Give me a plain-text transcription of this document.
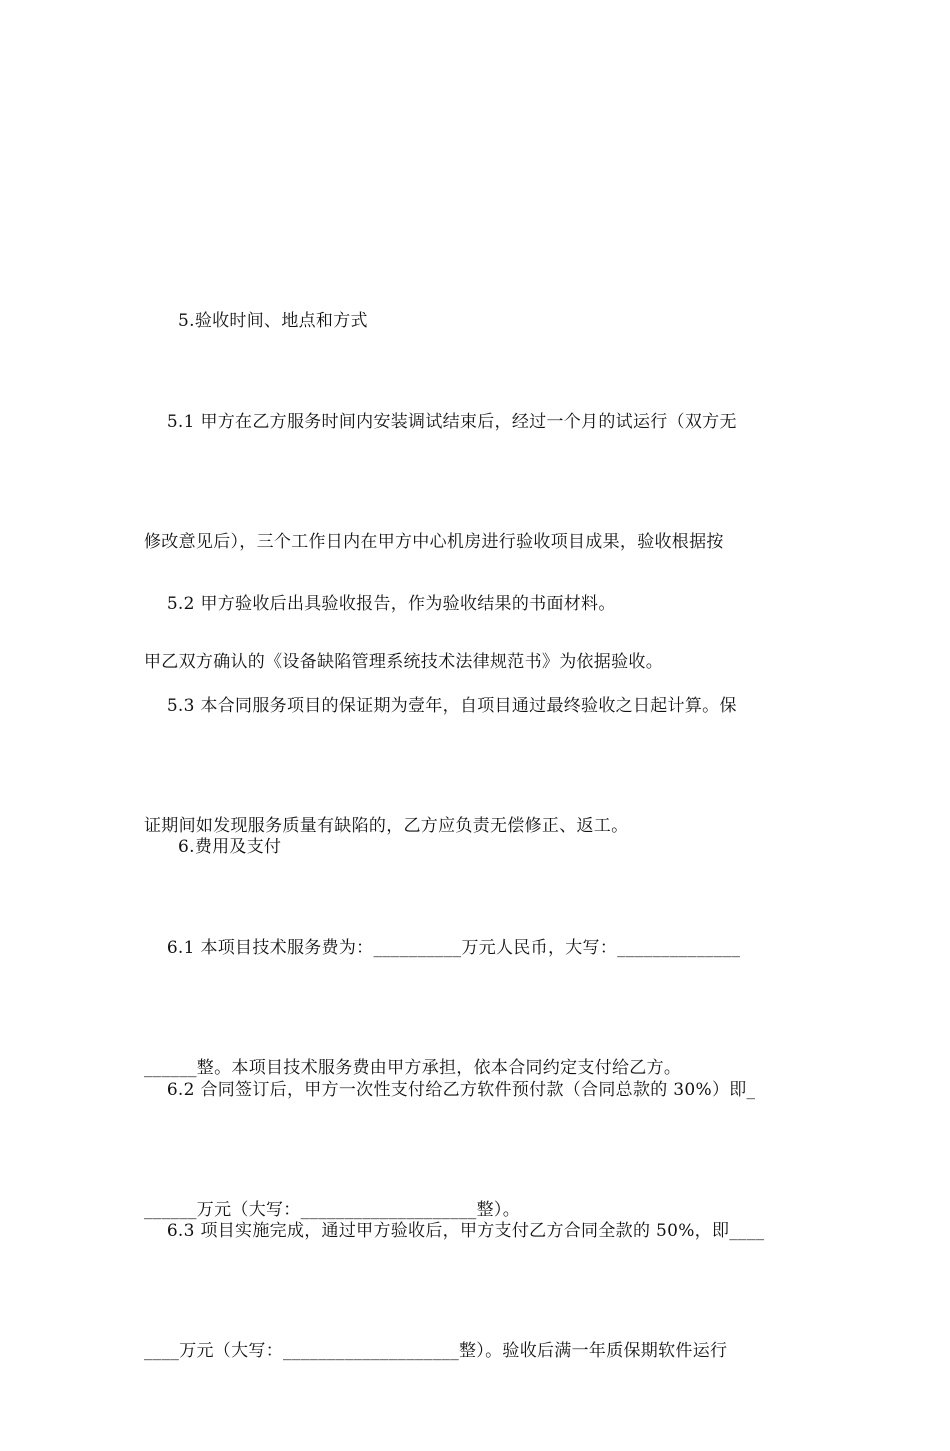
5.验收时间、地点和方式

5.1 甲方在乙方服务时间内安装调试结束后，经过一个月的试运行（双方无

修改意见后），三个工作日内在甲方中心机房进行验收项目成果，验收根据按

甲乙双方确认的《设备缺陷管理系统技术法律规范书》为依据验收。

5.2 甲方验收后出具验收报告，作为验收结果的书面材料。

5.3 本合同服务项目的保证期为壹年，自项目通过最终验收之日起计算。保

证期间如发现服务质量有缺陷的，乙方应负责无偿修正、返工。

6.费用及支付

6.1 本项目技术服务费为：__________万元人民币，大写：______________

______整。本项目技术服务费由甲方承担，依本合同约定支付给乙方。

6.2 合同签订后，甲方一次性支付给乙方软件预付款（合同总款的 30%）即_

______万元（大写：____________________整）。

6.3 项目实施完成，通过甲方验收后，甲方支付乙方合同全款的 50%，即____

____万元（大写：____________________整）。验收后满一年质保期软件运行
